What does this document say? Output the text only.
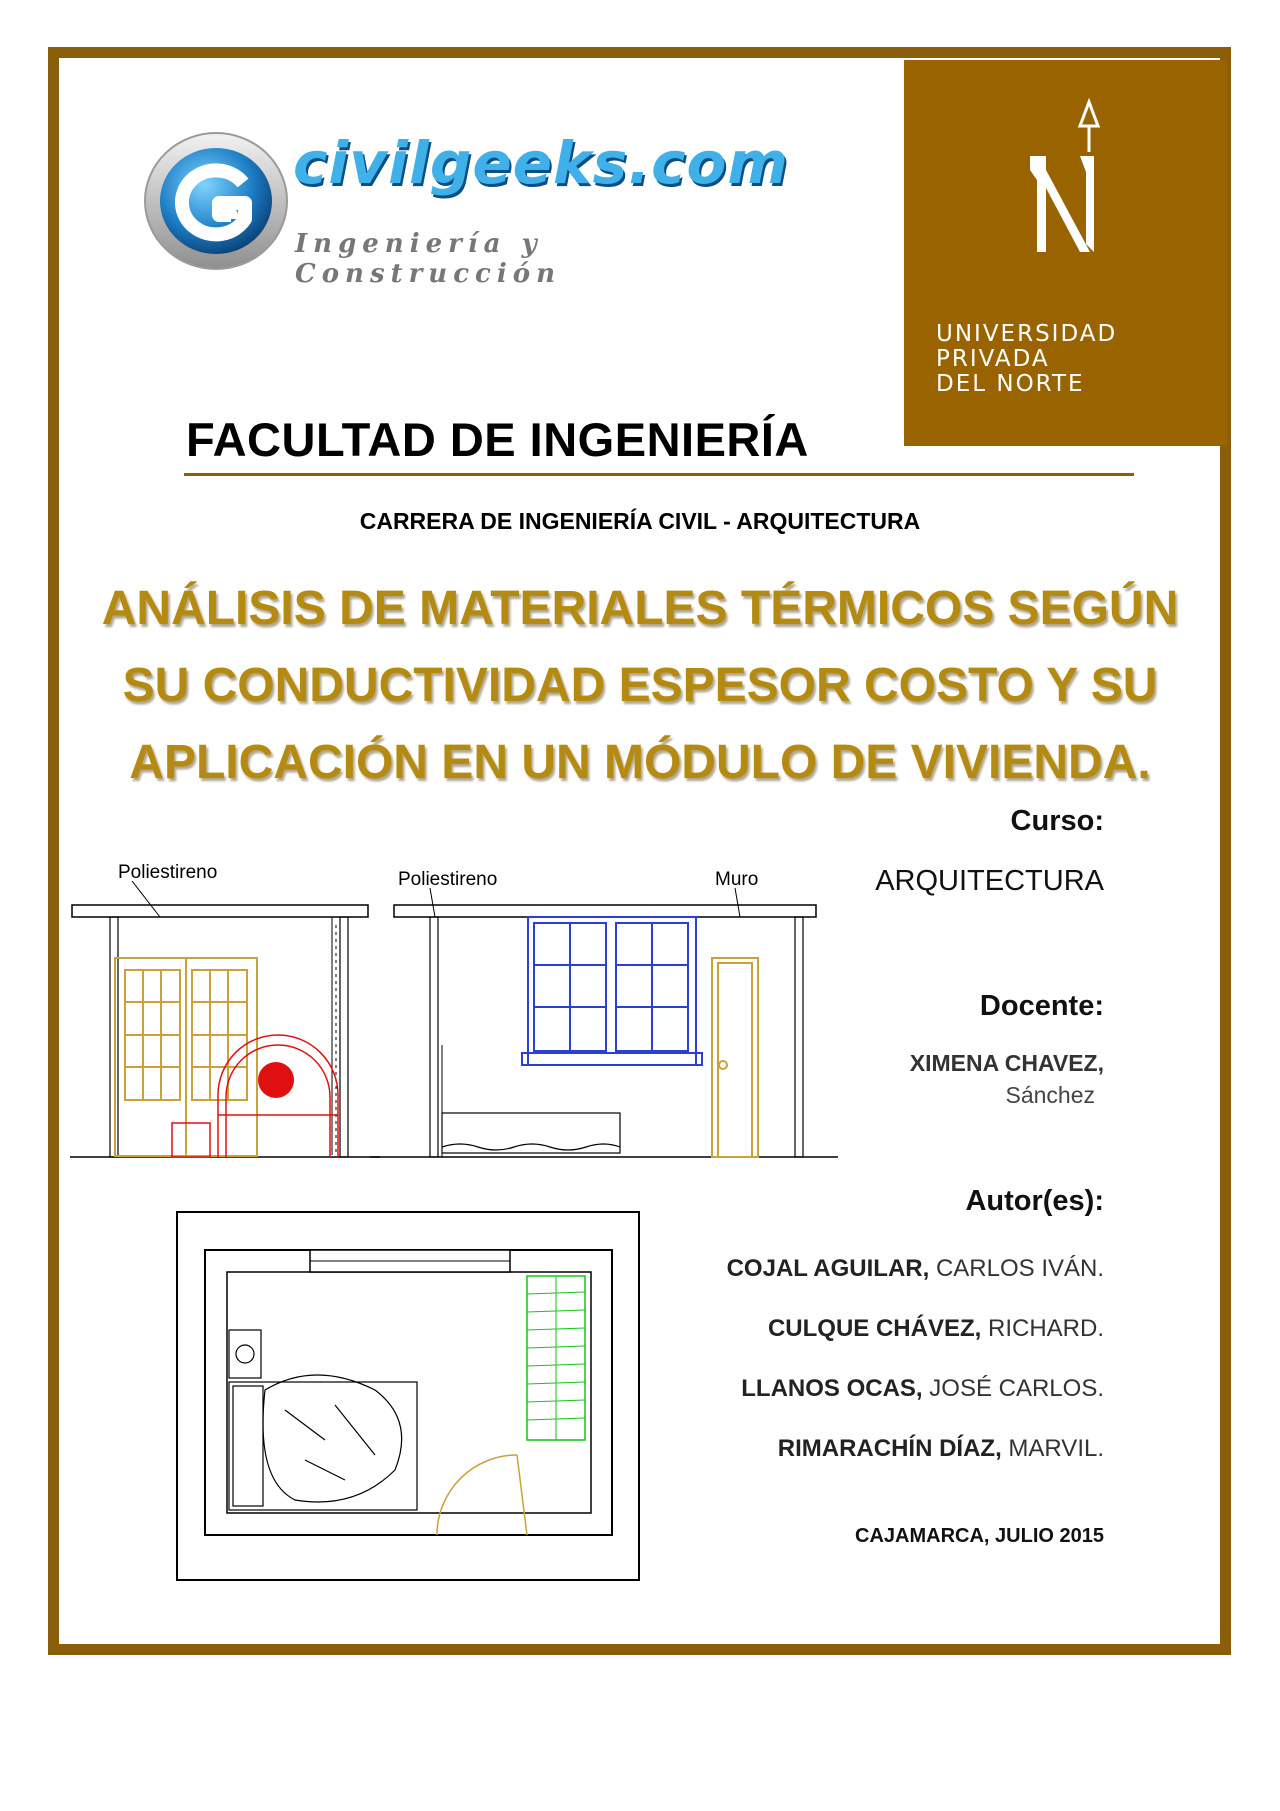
UNIVERSIDAD
PRIVADA
DEL NORTE
civilgeeks.com
Ingeniería y Construcción
FACULTAD DE INGENIERÍA
CARRERA DE INGENIERÍA CIVIL - ARQUITECTURA
ANÁLISIS DE MATERIALES TÉRMICOS SEGÚN
SU CONDUCTIVIDAD ESPESOR COSTO Y SU
APLICACIÓN EN UN MÓDULO DE VIVIENDA.
Curso:
ARQUITECTURA
Docente:
XIMENA CHAVEZ,
Sánchez
Autor(es):
COJAL AGUILAR, CARLOS IVÁN.
CULQUE CHÁVEZ, RICHARD.
LLANOS OCAS, JOSÉ CARLOS.
RIMARACHÍN DÍAZ, MARVIL.
CAJAMARCA, JULIO 2015
Poliestireno	Poliestireno	Muro
